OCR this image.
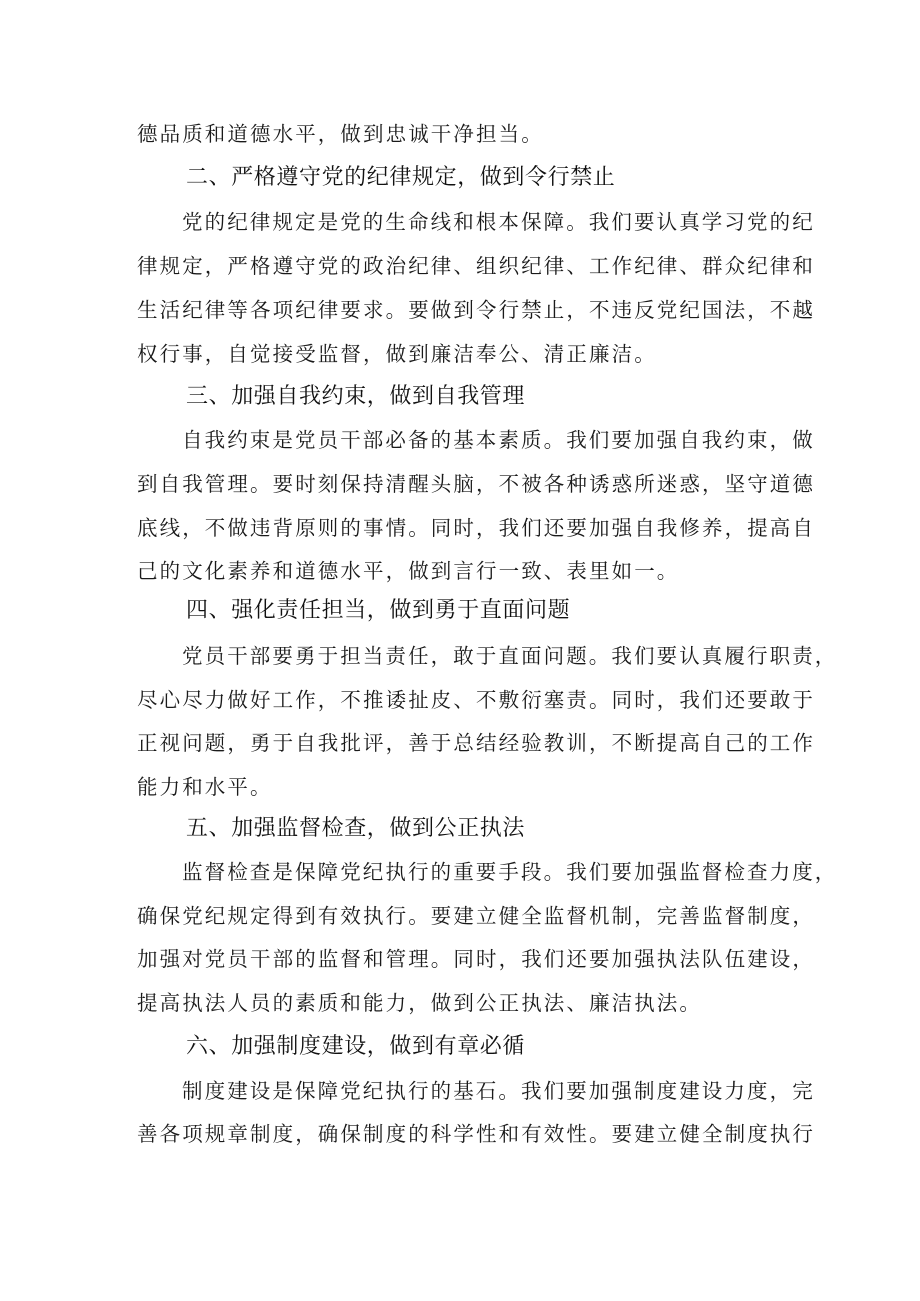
德品质和道德水平，做到忠诚干净担当。
二、严格遵守党的纪律规定，做到令行禁止
党的纪律规定是党的生命线和根本保障。我们要认真学习党的纪
律规定，严格遵守党的政治纪律、组织纪律、工作纪律、群众纪律和
生活纪律等各项纪律要求。要做到令行禁止，不违反党纪国法，不越
权行事，自觉接受监督，做到廉洁奉公、清正廉洁。
三、加强自我约束，做到自我管理
自我约束是党员干部必备的基本素质。我们要加强自我约束，做
到自我管理。要时刻保持清醒头脑，不被各种诱惑所迷惑，坚守道德
底线，不做违背原则的事情。同时，我们还要加强自我修养，提高自
己的文化素养和道德水平，做到言行一致、表里如一。
四、强化责任担当，做到勇于直面问题
党员干部要勇于担当责任，敢于直面问题。我们要认真履行职责，
尽心尽力做好工作，不推诿扯皮、不敷衍塞责。同时，我们还要敢于
正视问题，勇于自我批评，善于总结经验教训，不断提高自己的工作
能力和水平。
五、加强监督检查，做到公正执法
监督检查是保障党纪执行的重要手段。我们要加强监督检查力度，
确保党纪规定得到有效执行。要建立健全监督机制，完善监督制度，
加强对党员干部的监督和管理。同时，我们还要加强执法队伍建设，
提高执法人员的素质和能力，做到公正执法、廉洁执法。
六、加强制度建设，做到有章必循
制度建设是保障党纪执行的基石。我们要加强制度建设力度，完
善各项规章制度，确保制度的科学性和有效性。要建立健全制度执行
